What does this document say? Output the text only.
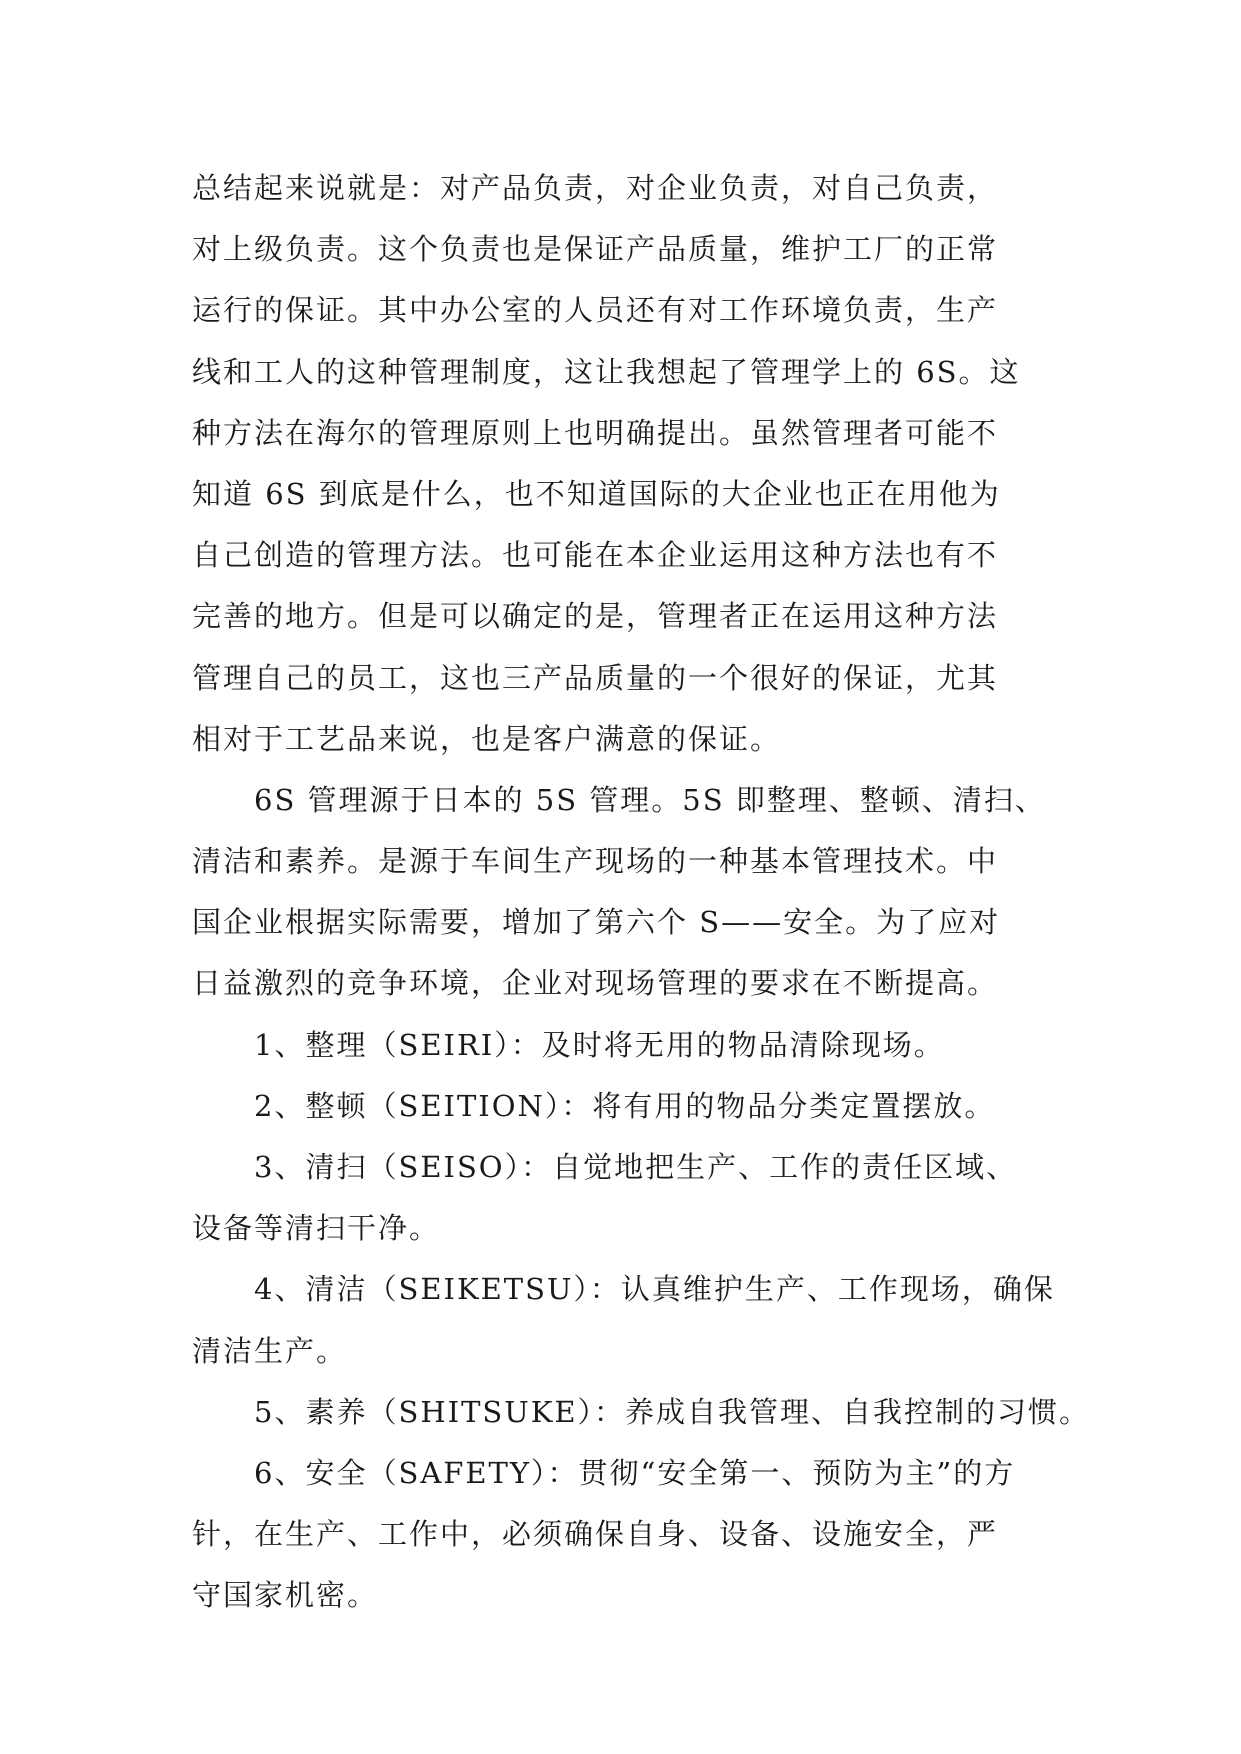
总结起来说就是：对产品负责，对企业负责，对自己负责，
对上级负责。这个负责也是保证产品质量，维护工厂的正常
运行的保证。其中办公室的人员还有对工作环境负责，生产
线和工人的这种管理制度，这让我想起了管理学上的 6S。这
种方法在海尔的管理原则上也明确提出。虽然管理者可能不
知道 6S 到底是什么，也不知道国际的大企业也正在用他为
自己创造的管理方法。也可能在本企业运用这种方法也有不
完善的地方。但是可以确定的是，管理者正在运用这种方法
管理自己的员工，这也三产品质量的一个很好的保证，尤其
相对于工艺品来说，也是客户满意的保证。
　　6S 管理源于日本的 5S 管理。5S 即整理、整顿、清扫、
清洁和素养。是源于车间生产现场的一种基本管理技术。中
国企业根据实际需要，增加了第六个 S——安全。为了应对
日益激烈的竞争环境，企业对现场管理的要求在不断提高。
　　1、整理（SEIRI）：及时将无用的物品清除现场。
　　2、整顿（SEITION）：将有用的物品分类定置摆放。
　　3、清扫（SEISO）：自觉地把生产、工作的责任区域、
设备等清扫干净。
　　4、清洁（SEIKETSU）：认真维护生产、工作现场，确保
清洁生产。
　　5、素养（SHITSUKE）：养成自我管理、自我控制的习惯。
　　6、安全（SAFETY）：贯彻“安全第一、预防为主”的方
针，在生产、工作中，必须确保自身、设备、设施安全，严
守国家机密。
